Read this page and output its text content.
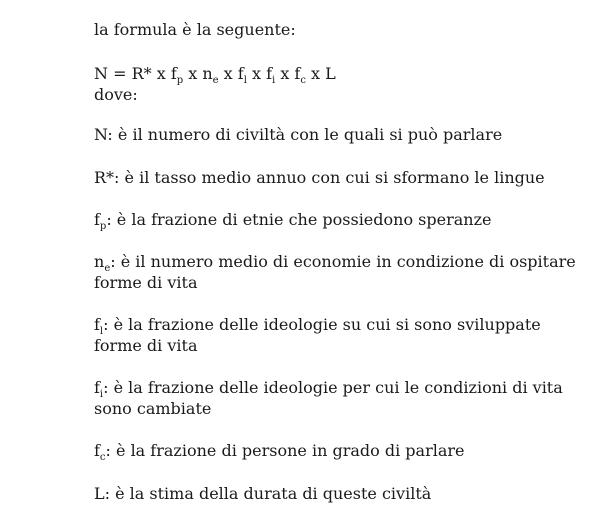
la formula è la seguente:
N = R* x $f_p$ x $n_e$ x $f_l$ x $f_i$ x $f_c$ x L
dove:
N: è il numero di civiltà con le quali si può parlare
R*: è il tasso medio annuo con cui si sformano le lingue
$f_p$: è la frazione di etnie che possiedono speranze
$n_e$: è il numero medio di economie in condizione di ospitare
forme di vita
$f_l$: è la frazione delle ideologie su cui si sono sviluppate
forme di vita
$f_i$: è la frazione delle ideologie per cui le condizioni di vita
sono cambiate
$f_c$: è la frazione di persone in grado di parlare
L: è la stima della durata di queste civiltà
